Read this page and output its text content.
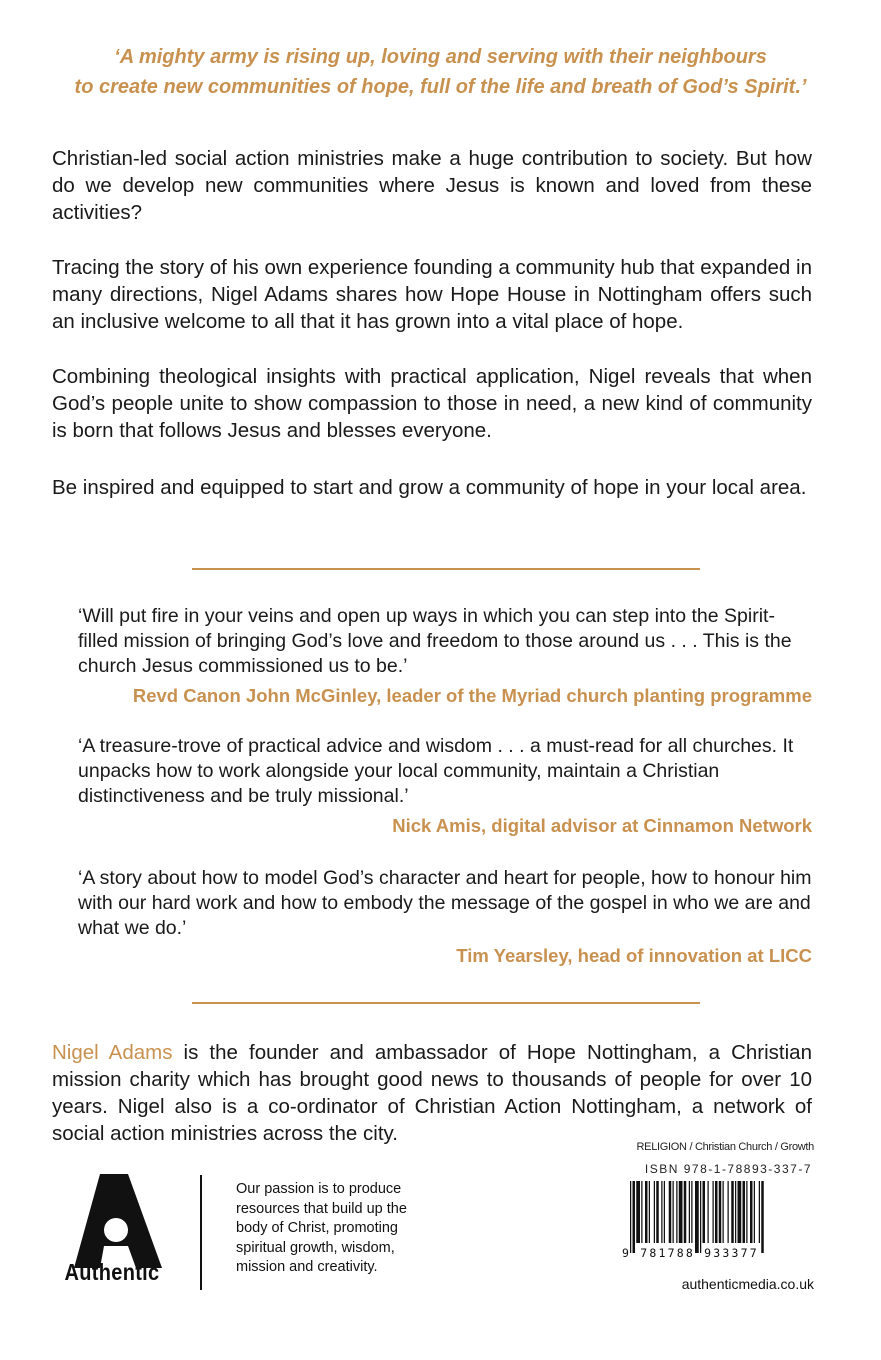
‘A mighty army is rising up, loving and serving with their neighbours
to create new communities of hope, full of the life and breath of God’s Spirit.’

Christian-led social action ministries make a huge contribution to society. But how do we develop new communities where Jesus is known and loved from these activities?

Tracing the story of his own experience founding a community hub that expanded in many directions, Nigel Adams shares how Hope House in Nottingham offers such an inclusive welcome to all that it has grown into a vital place of hope.

Combining theological insights with practical application, Nigel reveals that when God’s people unite to show compassion to those in need, a new kind of community is born that follows Jesus and blesses everyone.

Be inspired and equipped to start and grow a community of hope in your local area.

‘Will put fire in your veins and open up ways in which you can step into the Spirit-filled mission of bringing God’s love and freedom to those around us . . . This is the church Jesus commissioned us to be.’

Revd Canon John McGinley, leader of the Myriad church planting programme

‘A treasure-trove of practical advice and wisdom . . . a must-read for all churches. It unpacks how to work alongside your local community, maintain a Christian distinctiveness and be truly missional.’

Nick Amis, digital advisor at Cinnamon Network

‘A story about how to model God’s character and heart for people, how to honour him with our hard work and how to embody the message of the gospel in who we are and what we do.’

Tim Yearsley, head of innovation at LICC

Nigel Adams is the founder and ambassador of Hope Nottingham, a Christian mission charity which has brought good news to thousands of people for over 10 years. Nigel also is a co-ordinator of Christian Action Nottingham, a network of social action ministries across the city.

Authentic
Our passion is to produce resources that build up the body of Christ, promoting spiritual growth, wisdom, mission and creativity.
RELIGION / Christian Church / Growth
ISBN 978-1-78893-337-7
9 781788 933377
authenticmedia.co.uk
